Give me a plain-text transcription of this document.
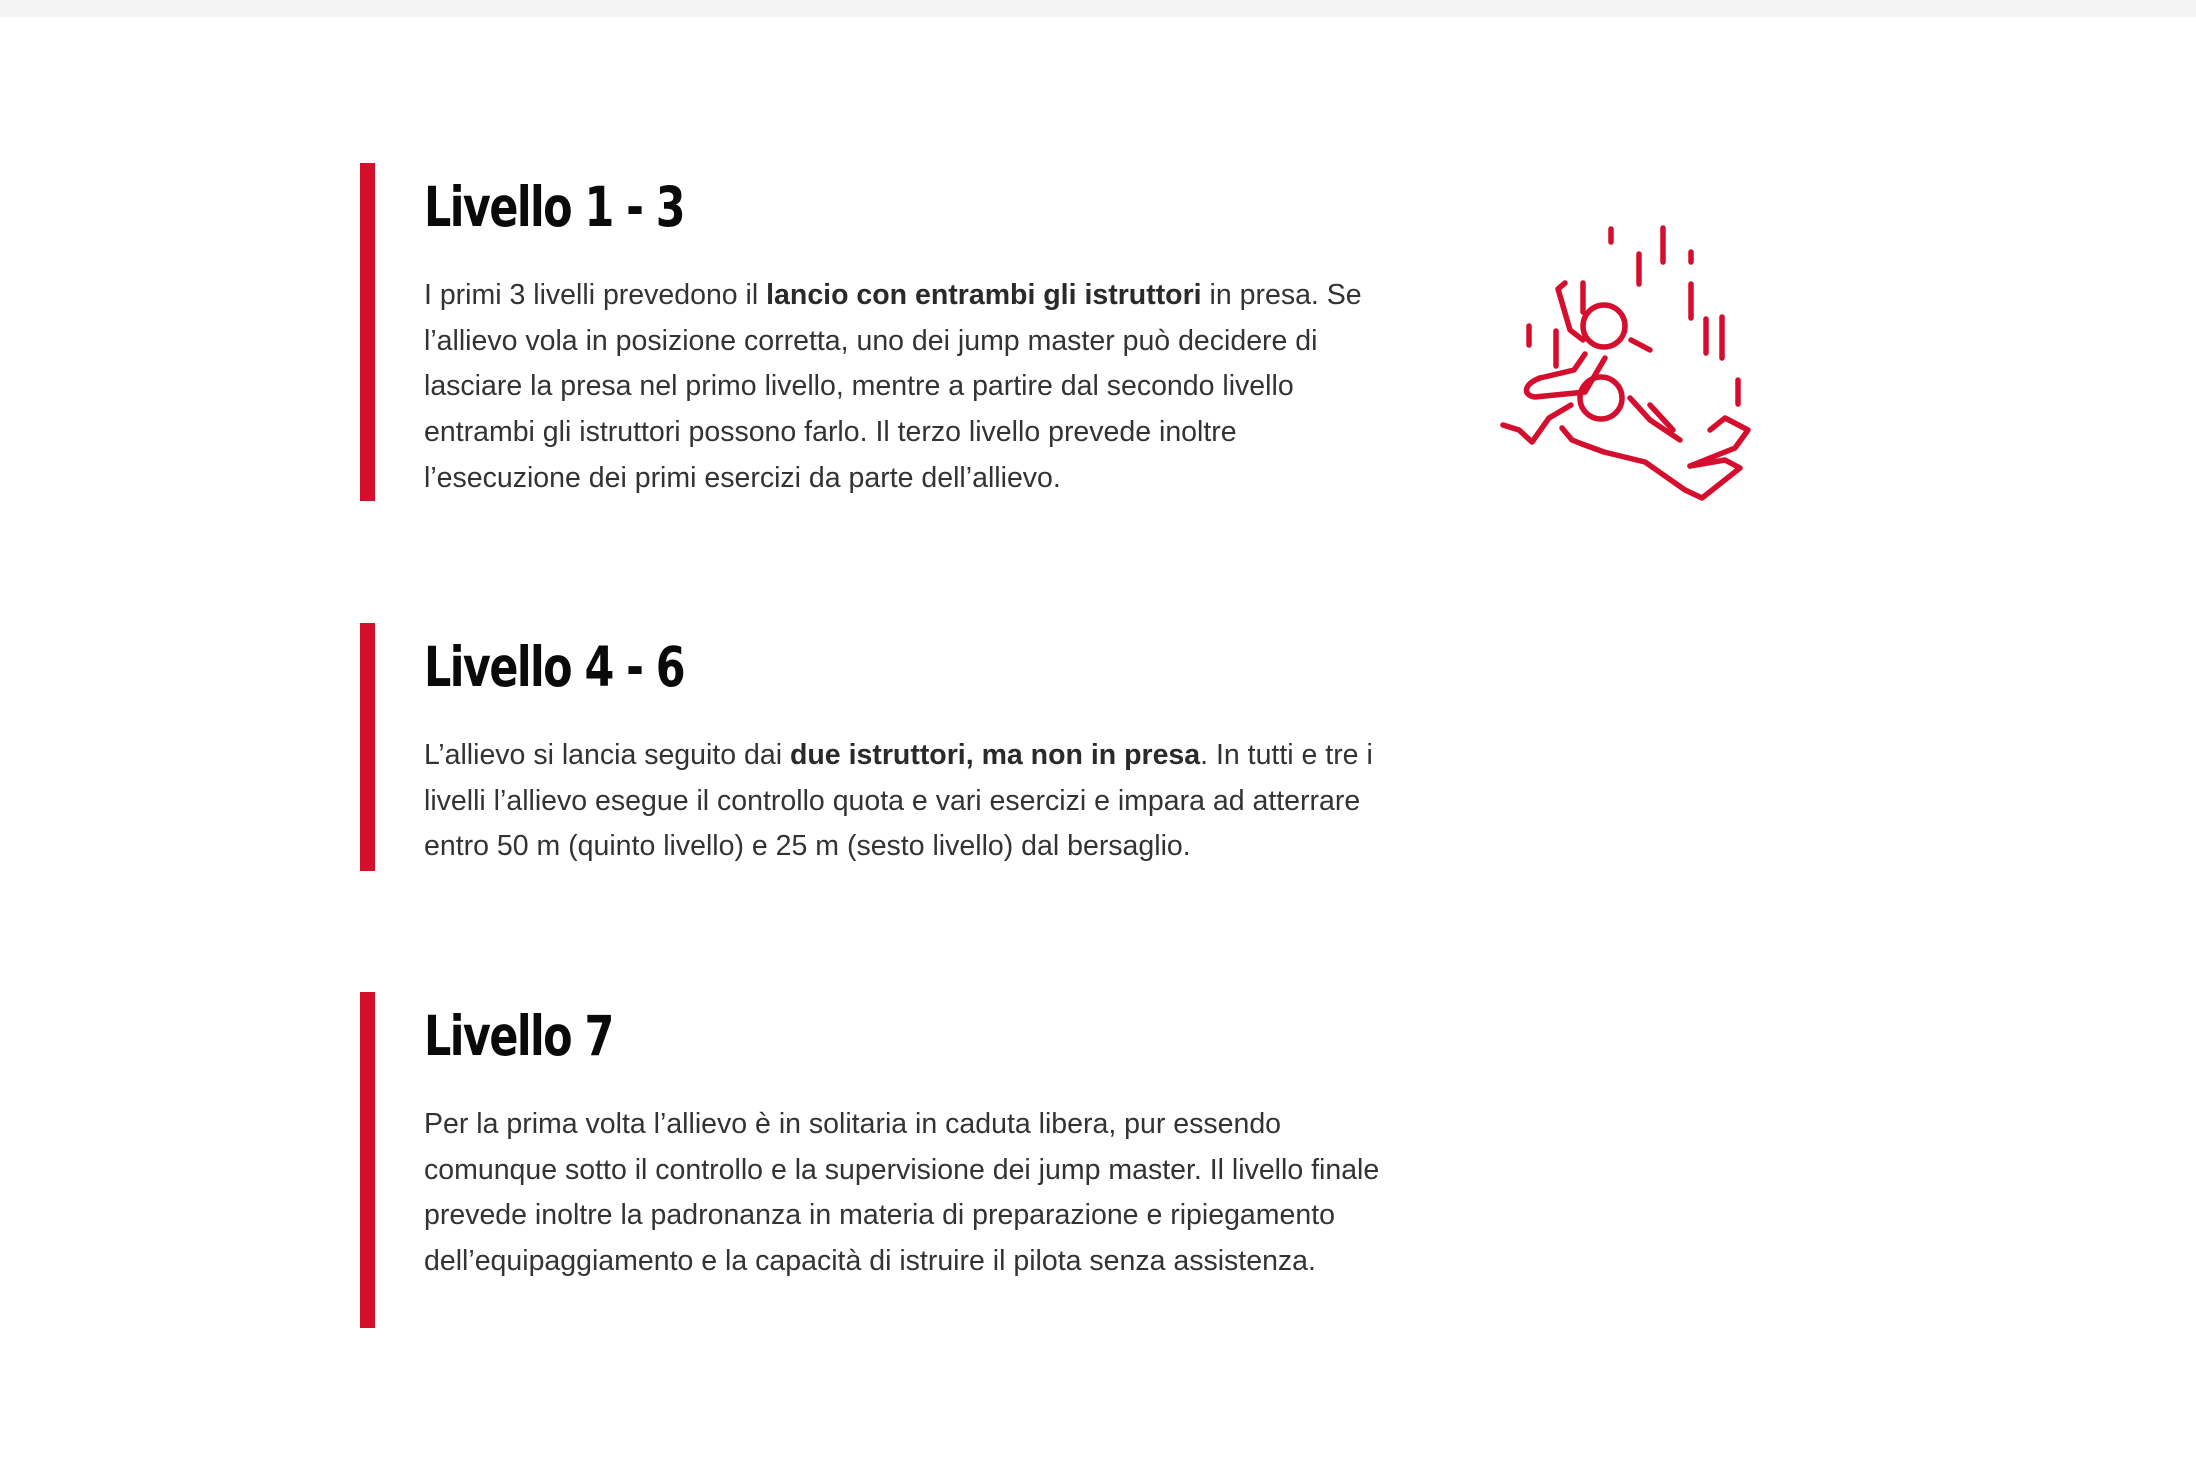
Livello 1 - 3

I primi 3 livelli prevedono il lancio con entrambi gli istruttori in presa. Se l’allievo vola in posizione corretta, uno dei jump master può decidere di lasciare la presa nel primo livello, mentre a partire dal secondo livello entrambi gli istruttori possono farlo. Il terzo livello prevede inoltre l’esecuzione dei primi esercizi da parte dell’allievo.

Livello 4 - 6

L’allievo si lancia seguito dai due istruttori, ma non in presa. In tutti e tre i livelli l’allievo esegue il controllo quota e vari esercizi e impara ad atterrare entro 50 m (quinto livello) e 25 m (sesto livello) dal bersaglio.

Livello 7

Per la prima volta l’allievo è in solitaria in caduta libera, pur essendo comunque sotto il controllo e la supervisione dei jump master. Il livello finale prevede inoltre la padronanza in materia di preparazione e ripiegamento dell’equipaggiamento e la capacità di istruire il pilota senza assistenza.
